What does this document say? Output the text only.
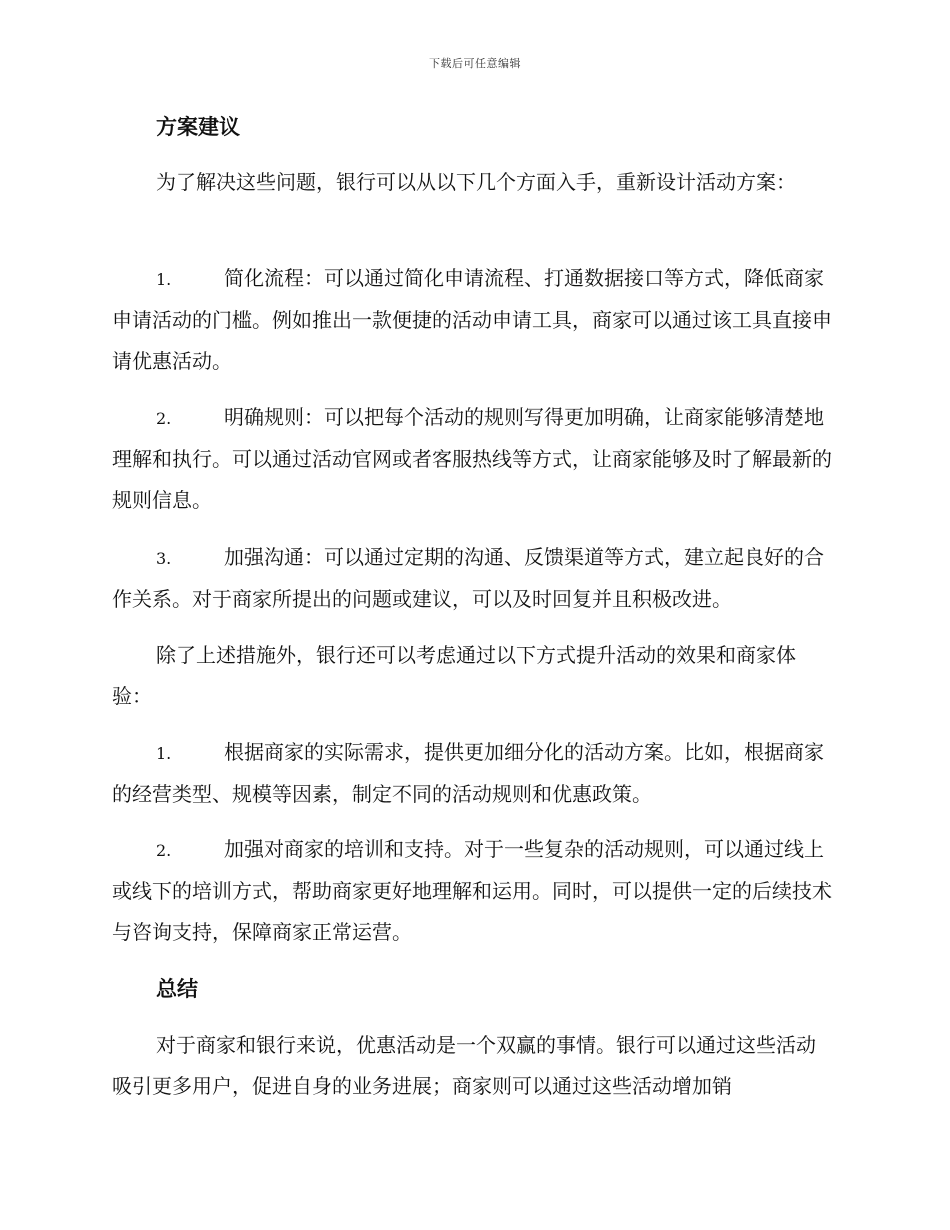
下载后可任意编辑
方案建议
为了解决这些问题，银行可以从以下几个方面入手，重新设计活动方案：
1.	简化流程：可以通过简化申请流程、打通数据接口等方式，降低商家申请活动的门槛。例如推出一款便捷的活动申请工具，商家可以通过该工具直接申请优惠活动。
2.	明确规则：可以把每个活动的规则写得更加明确，让商家能够清楚地理解和执行。可以通过活动官网或者客服热线等方式，让商家能够及时了解最新的规则信息。
3.	加强沟通：可以通过定期的沟通、反馈渠道等方式，建立起良好的合作关系。对于商家所提出的问题或建议，可以及时回复并且积极改进。
除了上述措施外，银行还可以考虑通过以下方式提升活动的效果和商家体验：
1.	根据商家的实际需求，提供更加细分化的活动方案。比如，根据商家的经营类型、规模等因素，制定不同的活动规则和优惠政策。
2.	加强对商家的培训和支持。对于一些复杂的活动规则，可以通过线上或线下的培训方式，帮助商家更好地理解和运用。同时，可以提供一定的后续技术与咨询支持，保障商家正常运营。
总结
对于商家和银行来说，优惠活动是一个双赢的事情。银行可以通过这些活动吸引更多用户，促进自身的业务进展；商家则可以通过这些活动增加销
